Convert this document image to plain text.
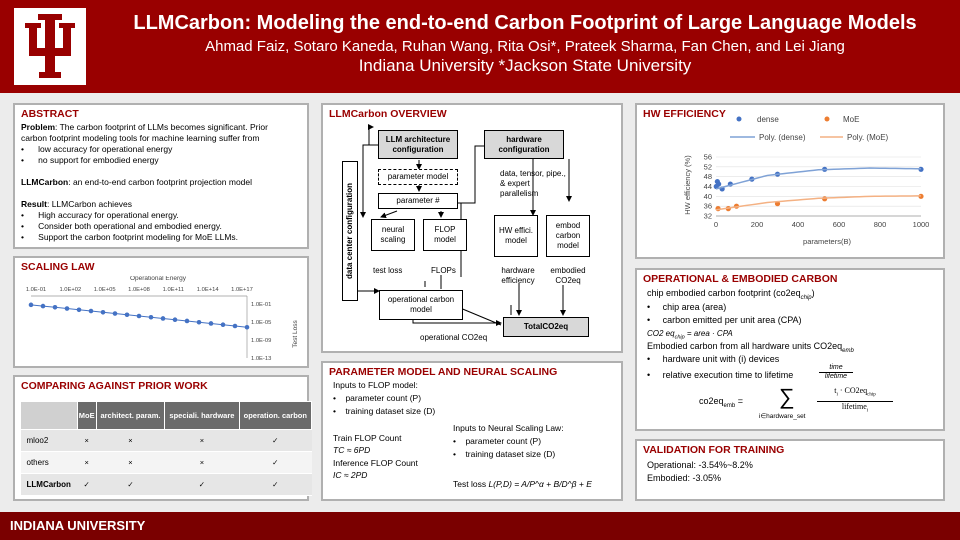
LLMCarbon: Modeling the end-to-end Carbon Footprint of Large Language Models
Ahmad Faiz, Sotaro Kaneda, Ruhan Wang, Rita Osi*, Prateek Sharma, Fan Chen, and Lei Jiang
Indiana University *Jackson State University
ABSTRACT
Problem: The carbon footprint of LLMs becomes significant. Prior
carbon footprint modeling tools for machine learning suffer from
•      low accuracy for operational energy
•      no support for embodied energy
LLMCarbon: an end-to-end carbon footprint projection model
Result: LLMCarbon achieves
•      High accuracy for operational energy.
•      Consider both operational and embodied energy.
•      Support the carbon footprint modeling for MoE LLMs.
SCALING LAW
Operational Energy
Test Loss
1.0E-01 1.0E+02 1.0E+05 1.0E+08 1.0E+11 1.0E+14 1.0E+17
1.0E-01
1.0E-05
1.0E-09
1.0E-13
COMPARING AGAINST PRIOR WORK
	MoE	architect. param.	speciali. hardware	operation. carbon
mloo2	×	×	×	✓
others	×	×	×	✓
LLMCarbon	✓	✓	✓	✓
LLMCarbon OVERVIEW
data center configuration
LLM architecture configuration
hardware configuration
parameter model
parameter #
data, tensor, pipe., & expert parallelism
neural scaling
FLOP model
HW effici. model
embod carbon model
test loss	FLOPs	hardware efficiency
embodied CO2eq
operational carbon model
operational CO2eq
TotalCO2eq
PARAMETER MODEL AND NEURAL SCALING
Inputs to FLOP model:
•    parameter count (P)
•    training dataset size (D)
Train FLOP Count
TC ≈ 6PD
Inference FLOP Count
IC ≈ 2PD
Inputs to Neural Scaling Law:
•    parameter count (P)
•    training dataset size (D)
Test loss L(P,D) = A/P^α + B/D^β + E
HW EFFICIENCY	dense	MoE
Poly. (dense)	Poly. (MoE)
HW efficiency (%)
parameters(B)
32
36
40
44
48
52
56
0	200	400	600	800	1000
OPERATIONAL & EMBODIED CARBON
chip embodied carbon footprint $(co2eq_{chip})$
•     chip area (area)
•     carbon emitted per unit area (CPA)
CO2 $eq_{chip}$ = area · CPA
Embodied carbon from all hardware units $CO2eq_{emb}$
•     hardware unit with (i) devices
•     relative execution time to lifetime
time
lifetime
$co2eq_{emb}$ = ∑
i∈hardware_set
$t_i \cdot CO2eq_{chip}$
lifetime$_i$
VALIDATION FOR TRAINING
Operational: -3.54%~8.2%
Embodied: -3.05%
INDIANA UNIVERSITY
